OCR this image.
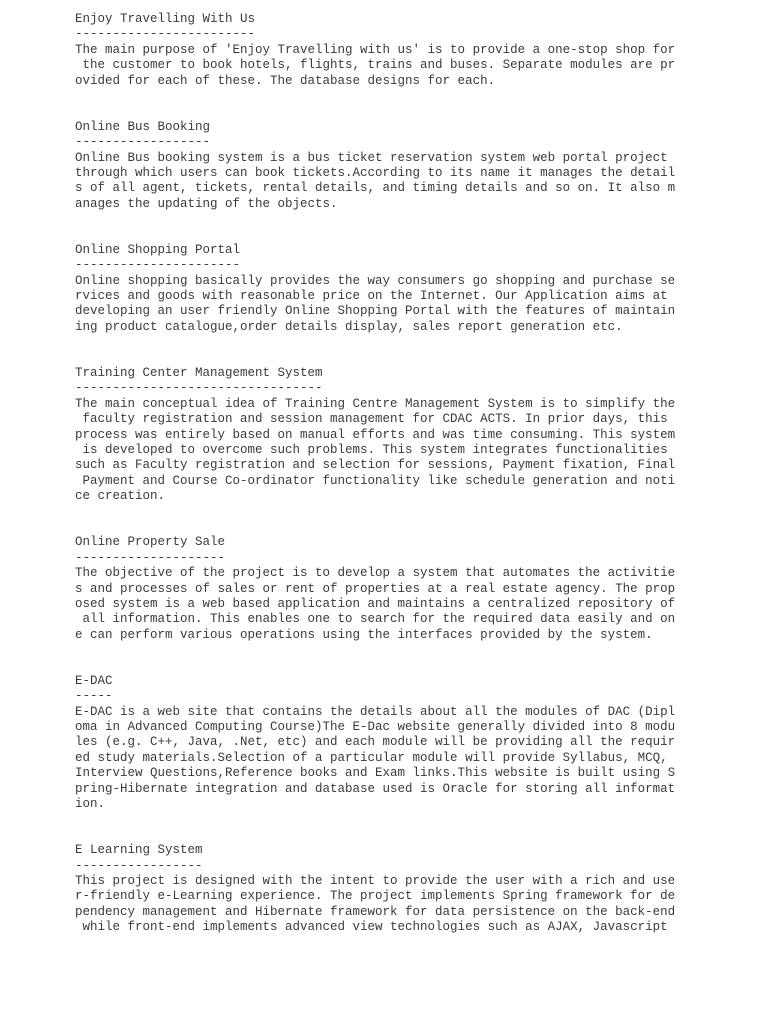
Enjoy Travelling With Us
------------------------
The main purpose of 'Enjoy Travelling with us' is to provide a one-stop shop for
the customer to book hotels, flights, trains and buses. Separate modules are pr
ovided for each of these. The database designs for each.
Online Bus Booking
------------------
Online Bus booking system is a bus ticket reservation system web portal project
through which users can book tickets.According to its name it manages the detail
s of all agent, tickets, rental details, and timing details and so on. It also m
anages the updating of the objects.
Online Shopping Portal
----------------------
Online shopping basically provides the way consumers go shopping and purchase se
rvices and goods with reasonable price on the Internet. Our Application aims at
developing an user friendly Online Shopping Portal with the features of maintain
ing product catalogue,order details display, sales report generation etc.
Training Center Management System
---------------------------------
The main conceptual idea of Training Centre Management System is to simplify the
faculty registration and session management for CDAC ACTS. In prior days, this
process was entirely based on manual efforts and was time consuming. This system
is developed to overcome such problems. This system integrates functionalities
such as Faculty registration and selection for sessions, Payment fixation, Final
Payment and Course Co-ordinator functionality like schedule generation and noti
ce creation.
Online Property Sale
--------------------
The objective of the project is to develop a system that automates the activitie
s and processes of sales or rent of properties at a real estate agency. The prop
osed system is a web based application and maintains a centralized repository of
all information. This enables one to search for the required data easily and on
e can perform various operations using the interfaces provided by the system.
E-DAC
-----
E-DAC is a web site that contains the details about all the modules of DAC (Dipl
oma in Advanced Computing Course)The E-Dac website generally divided into 8 modu
les (e.g. C++, Java, .Net, etc) and each module will be providing all the requir
ed study materials.Selection of a particular module will provide Syllabus, MCQ,
Interview Questions,Reference books and Exam links.This website is built using S
pring-Hibernate integration and database used is Oracle for storing all informat
ion.
E Learning System
-----------------
This project is designed with the intent to provide the user with a rich and use
r-friendly e-Learning experience. The project implements Spring framework for de
pendency management and Hibernate framework for data persistence on the back-end
while front-end implements advanced view technologies such as AJAX, Javascript
